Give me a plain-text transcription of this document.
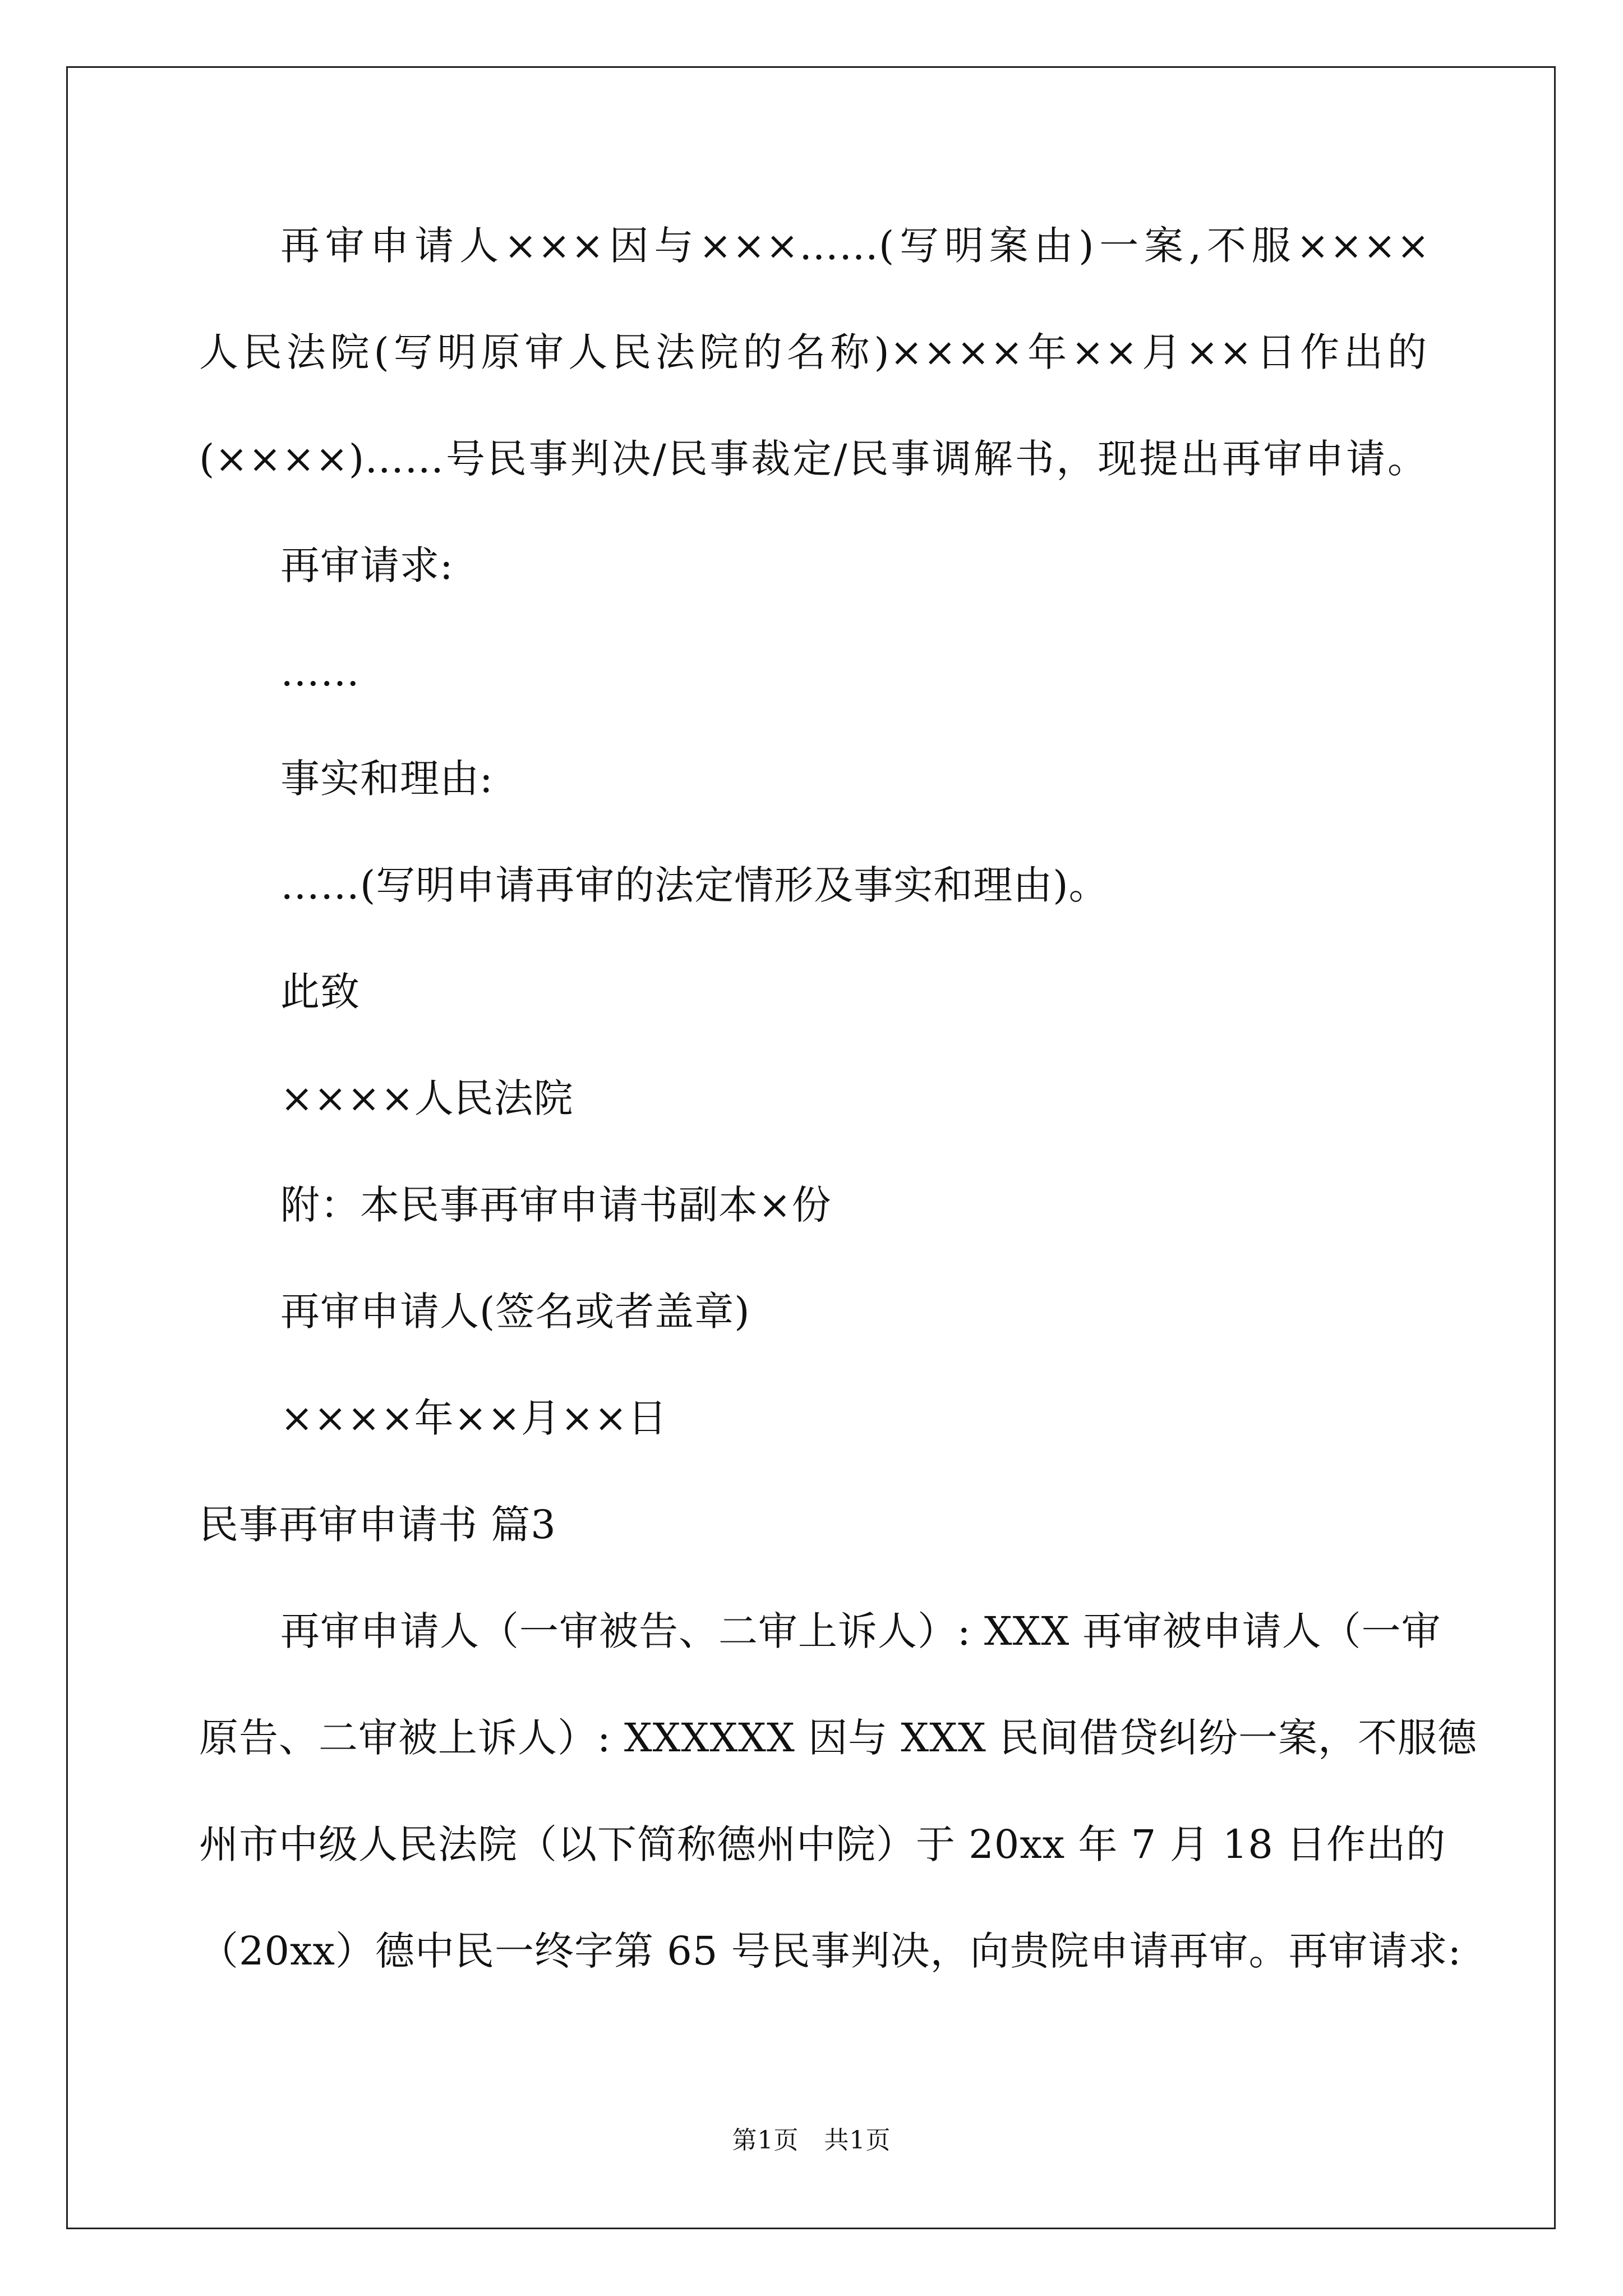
再审申请人×××因与×××……(写明案由)一案,不服××××
人民法院(写明原审人民法院的名称)××××年××月××日作出的
(××××)……号民事判决/民事裁定/民事调解书，现提出再审申请。
再审请求:
……
事实和理由:
……(写明申请再审的法定情形及事实和理由)。
此致
××××人民法院
附：本民事再审申请书副本×份
再审申请人(签名或者盖章)
××××年××月××日
民事再审申请书 篇3
再审申请人（一审被告、二审上诉人）: XXX 再审被申请人（一审
原告、二审被上诉人）: XXXXXX 因与 XXX 民间借贷纠纷一案，不服德
州市中级人民法院（以下简称德州中院）于 20xx 年 7 月 18 日作出的
（20xx）德中民一终字第 65 号民事判决，向贵院申请再审。再审请求:
第1页　共1页
